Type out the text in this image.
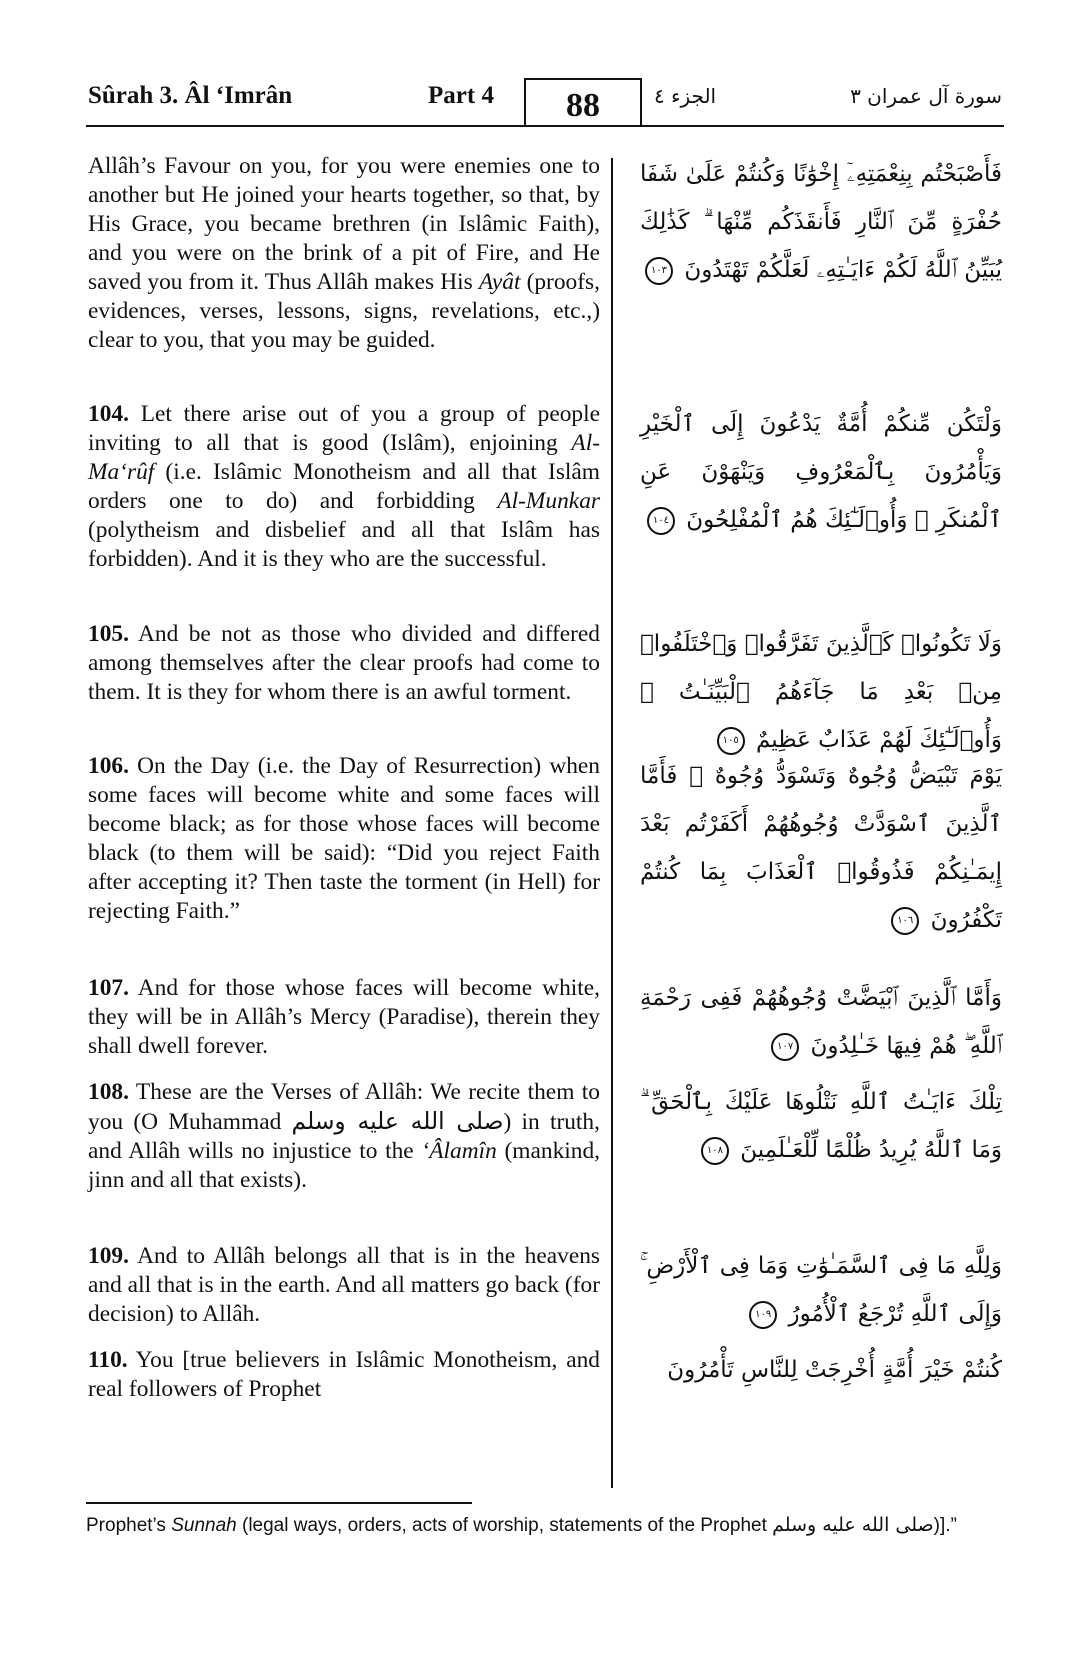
Sûrah 3. Âl ‘Imrân	Part 4	88	الجزء ٤	سورة آل عمران ٣

Allâh’s Favour on you, for you were enemies one to another but He joined your hearts together, so that, by His Grace, you became brethren (in Islâmic Faith), and you were on the brink of a pit of Fire, and He saved you from it. Thus Allâh makes His Ayât (proofs, evidences, verses, lessons, signs, revelations, etc.,) clear to you, that you may be guided.

104. Let there arise out of you a group of people inviting to all that is good (Islâm), enjoining Al-Ma‘rûf (i.e. Islâmic Monotheism and all that Islâm orders one to do) and forbidding Al-Munkar (polytheism and disbelief and all that Islâm has forbidden). And it is they who are the successful.

105. And be not as those who divided and differed among themselves after the clear proofs had come to them. It is they for whom there is an awful torment.

106. On the Day (i.e. the Day of Resurrection) when some faces will become white and some faces will become black; as for those whose faces will become black (to them will be said): “Did you reject Faith after accepting it? Then taste the torment (in Hell) for rejecting Faith.”

107. And for those whose faces will become white, they will be in Allâh’s Mercy (Paradise), therein they shall dwell forever.

108. These are the Verses of Allâh: We recite them to you (O Muhammad صلى الله عليه وسلم) in truth, and Allâh wills no injustice to the ‘Âlamîn (mankind, jinn and all that exists).

109. And to Allâh belongs all that is in the heavens and all that is in the earth. And all matters go back (for decision) to Allâh.

110. You [true believers in Islâmic Monotheism, and real followers of Prophet

فَأَصْبَحْتُم بِنِعْمَتِهِۦٓ إِخْوَٰنًا وَكُنتُمْ عَلَىٰ شَفَا حُفْرَةٍ مِّنَ ٱلنَّارِ فَأَنقَذَكُم مِّنْهَا ۗ كَذَٰلِكَ يُبَيِّنُ ٱللَّهُ لَكُمْ ءَايَـٰتِهِۦ لَعَلَّكُمْ تَهْتَدُونَ ١٠٣
وَلْتَكُن مِّنكُمْ أُمَّةٌ يَدْعُونَ إِلَى ٱلْخَيْرِ وَيَأْمُرُونَ بِٱلْمَعْرُوفِ وَيَنْهَوْنَ عَنِ ٱلْمُنكَرِ ۚ وَأُو۟لَـٰٓئِكَ هُمُ ٱلْمُفْلِحُونَ ١٠٤
وَلَا تَكُونُوا۟ كَٱلَّذِينَ تَفَرَّقُوا۟ وَٱخْتَلَفُوا۟ مِنۢ بَعْدِ مَا جَآءَهُمُ ٱلْبَيِّنَـٰتُ ۚ وَأُو۟لَـٰٓئِكَ لَهُمْ عَذَابٌ عَظِيمٌ ١٠٥
يَوْمَ تَبْيَضُّ وُجُوهٌ وَتَسْوَدُّ وُجُوهٌ ۚ فَأَمَّا ٱلَّذِينَ ٱسْوَدَّتْ وُجُوهُهُمْ أَكَفَرْتُم بَعْدَ إِيمَـٰنِكُمْ فَذُوقُوا۟ ٱلْعَذَابَ بِمَا كُنتُمْ تَكْفُرُونَ ١٠٦
وَأَمَّا ٱلَّذِينَ ٱبْيَضَّتْ وُجُوهُهُمْ فَفِى رَحْمَةِ ٱللَّهِ ۖ هُمْ فِيهَا خَـٰلِدُونَ ١٠٧
تِلْكَ ءَايَـٰتُ ٱللَّهِ نَتْلُوهَا عَلَيْكَ بِٱلْحَقِّ ۗ وَمَا ٱللَّهُ يُرِيدُ ظُلْمًا لِّلْعَـٰلَمِينَ ١٠٨
وَلِلَّهِ مَا فِى ٱلسَّمَـٰوَٰتِ وَمَا فِى ٱلْأَرْضِ ۚ وَإِلَى ٱللَّهِ تُرْجَعُ ٱلْأُمُورُ ١٠٩
كُنتُمْ خَيْرَ أُمَّةٍ أُخْرِجَتْ لِلنَّاسِ تَأْمُرُونَ

Prophet’s Sunnah (legal ways, orders, acts of worship, statements of the Prophet صلى الله عليه وسلم)].”
